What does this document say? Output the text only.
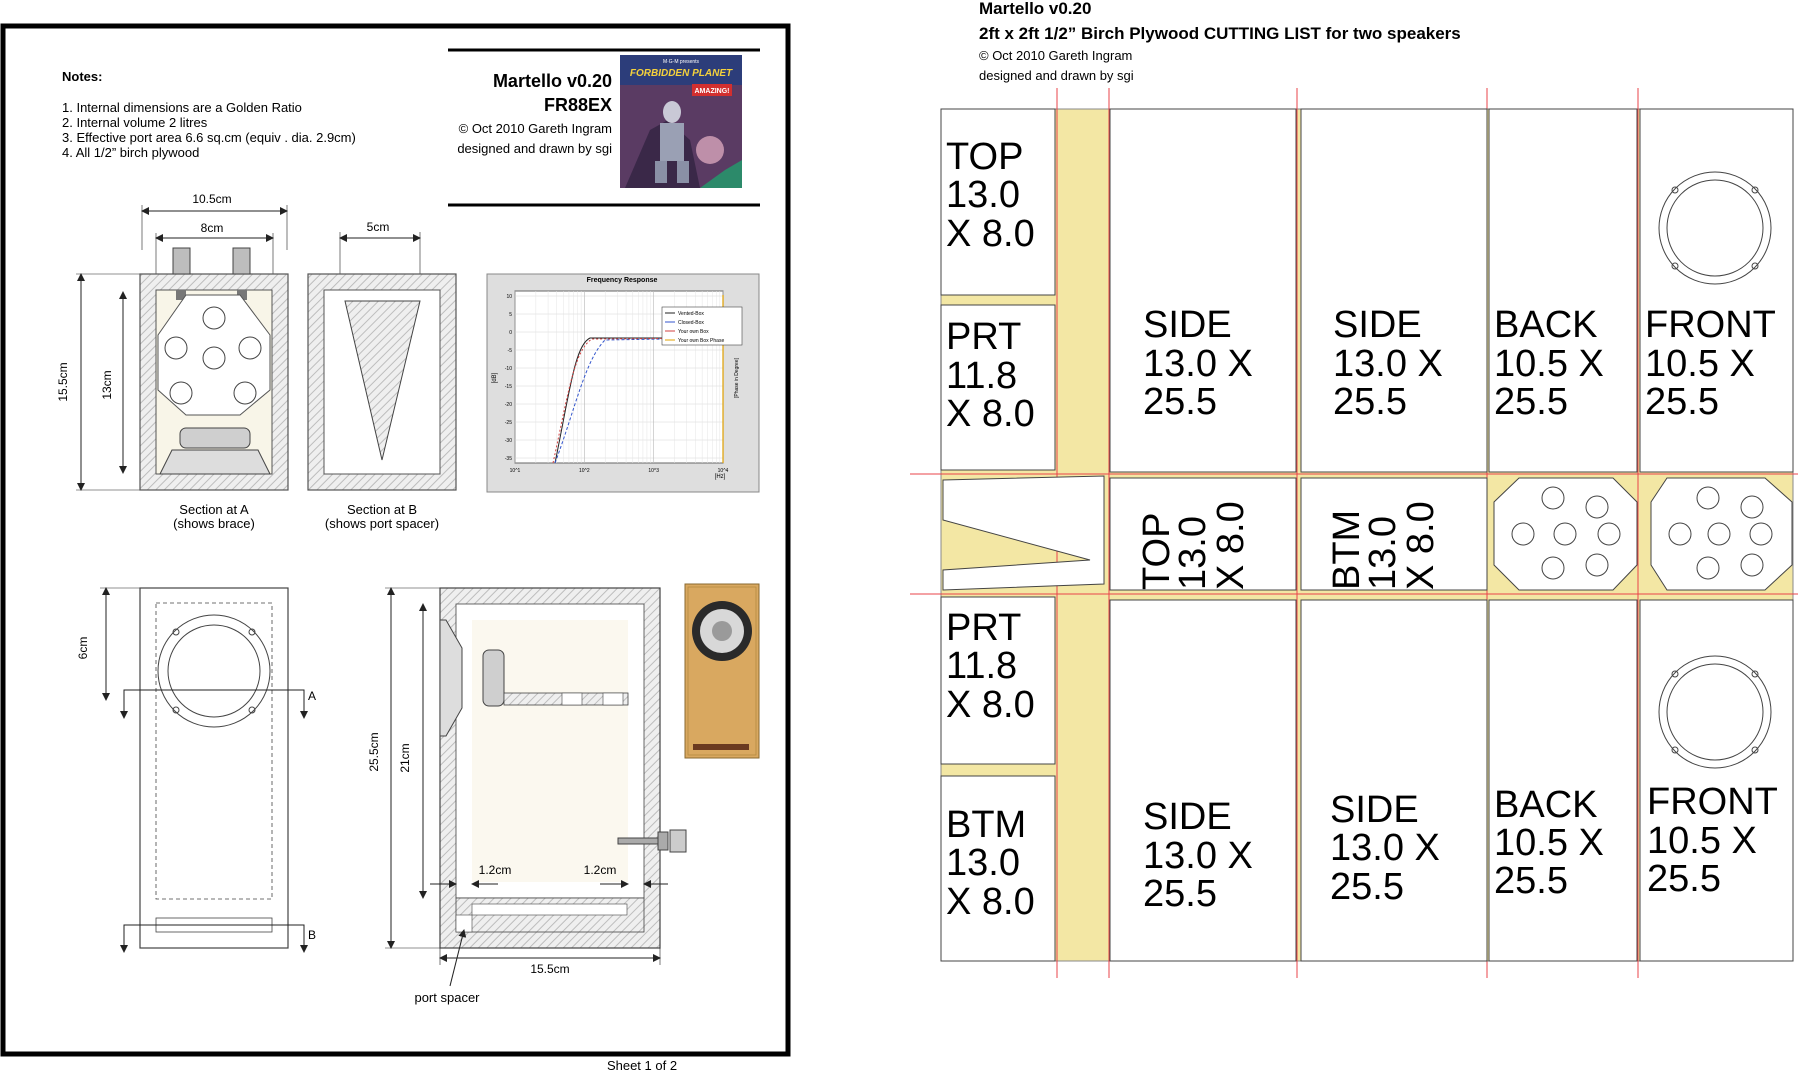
Notes:
1. Internal dimensions are a Golden Ratio
2. Internal volume 2 litres
3. Effective port area 6.6 sq.cm (equiv . dia. 2.9cm)
4. All 1/2” birch plywood
Martello v0.20
FR88EX
© Oct 2010 Gareth Ingram
designed and drawn by sgi
M·G·M presents
FORBIDDEN PLANET
AMAZING!
10.5cm
8cm
15.5cm	13cm
Section at A
(shows brace)
5cm
Section at B
(shows port spacer)
Frequency Response
10
5
0
-5
-10
-15
-20
-25
-30
-35
10^1	10^2	10^3	10^4
[dB]	[Phase in Degree]
[Hz]
Vented-Box
Closed-Box
Your own Box
Your own Box Phase
6cm
A
B
25.5cm 21cm
1.2cm	1.2cm
15.5cm
port spacer
Sheet 1 of 2
Martello v0.20
2ft x 2ft 1/2” Birch Plywood CUTTING LIST for two speakers
© Oct 2010 Gareth Ingram
designed and drawn by sgi
TOP
13.0
X 8.0
PRT
11.8
X 8.0
SIDE
13.0 X
25.5
SIDE
13.0 X
25.5
BACK
10.5 X
25.5
FRONT
10.5 X
25.5
TOP
13.0
X 8.0 BTM
13.0
X 8.0
PRT
11.8
X 8.0
BTM
13.0
X 8.0
SIDE
13.0 X
25.5
SIDE
13.0 X
25.5
BACK
10.5 X
25.5
FRONT
10.5 X
25.5
